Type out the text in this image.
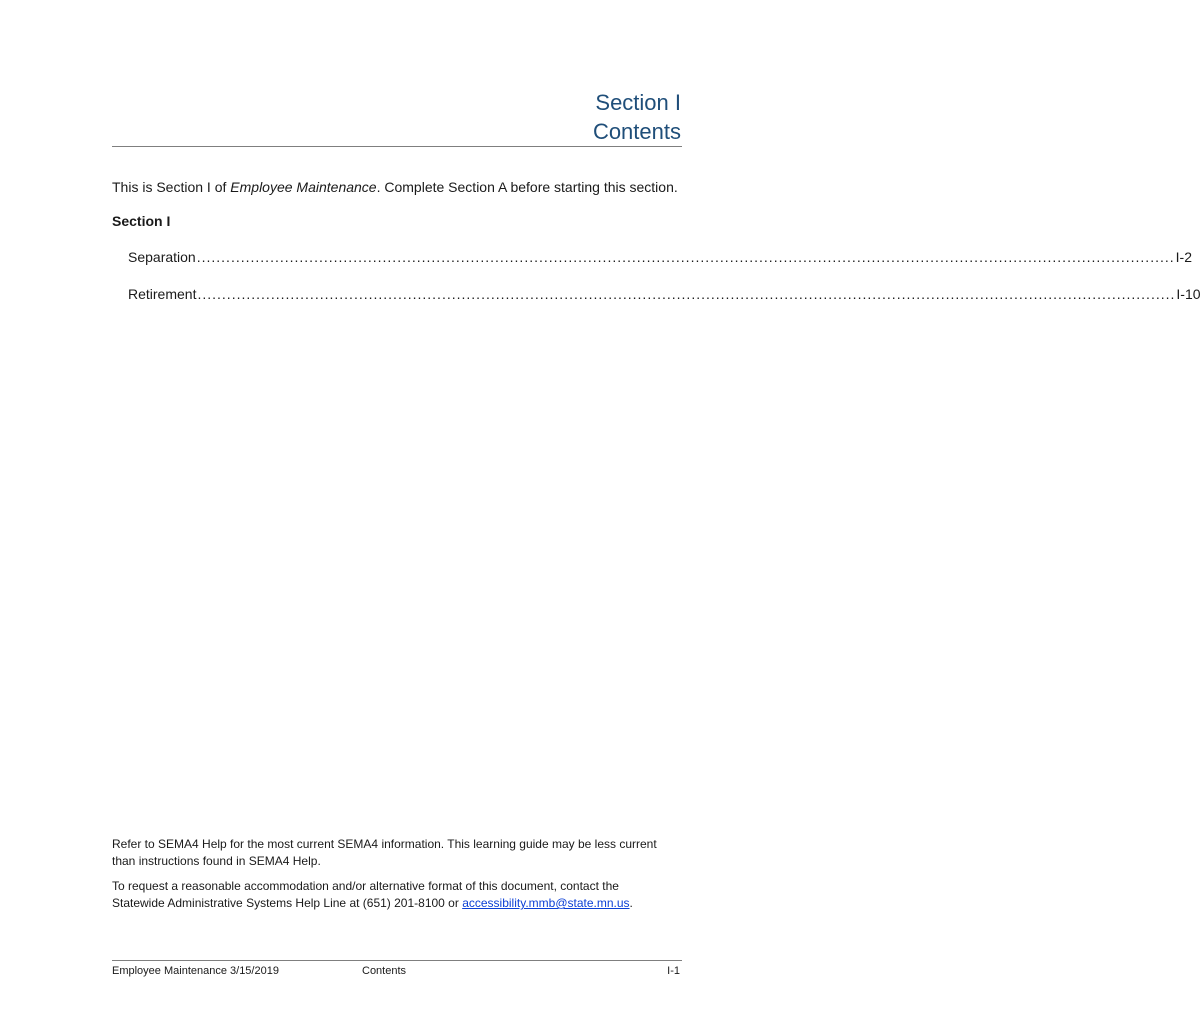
Section I
Contents
This is Section I of Employee Maintenance. Complete Section A before starting this section.
Section I
Separation ........................................................................................................................................................................................................ I-2
Retirement ........................................................................................................................................................................................................ I-10
Refer to SEMA4 Help for the most current SEMA4 information. This learning guide may be less current than instructions found in SEMA4 Help.
To request a reasonable accommodation and/or alternative format of this document, contact the Statewide Administrative Systems Help Line at (651) 201-8100 or accessibility.mmb@state.mn.us.
Employee Maintenance 3/15/2019	Contents	I-1
